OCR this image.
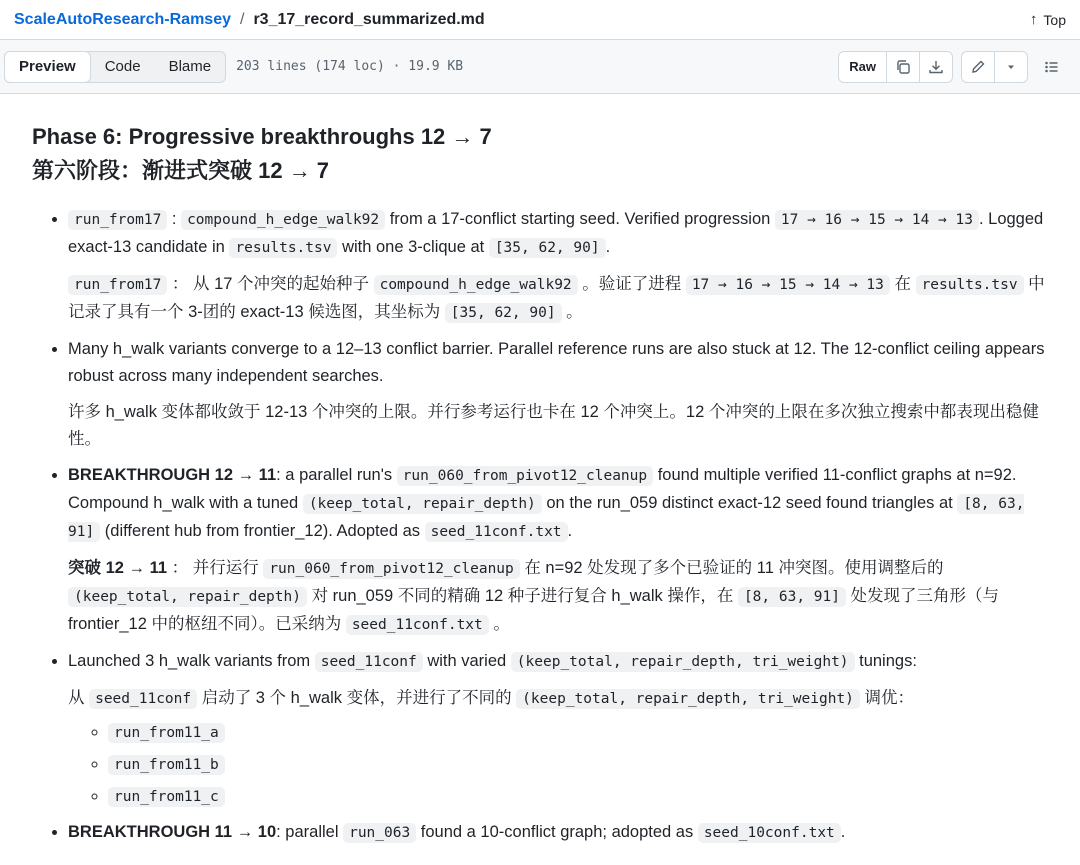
ScaleAutoResearch-Ramsey / r3_17_record_summarized.md	↑ Top
Preview	Code	Blame	203 lines (174 loc) · 19.9 KB	Raw
Phase 6: Progressive breakthroughs 12 → 7
第六阶段：渐进式突破 12 → 7

• run_from17 : compound_h_edge_walk92 from a 17-conflict starting seed. Verified progression 17 → 16 → 15 → 14 → 13 . Logged exact-13 candidate in results.tsv with one 3-clique at [35, 62, 90] .

run_from17 ： 从 17 个冲突的起始种子 compound_h_edge_walk92 。验证了进程 17 → 16 → 15 → 14 → 13 在 results.tsv 中记录了具有一个 3-团的 exact-13 候选图，其坐标为 [35, 62, 90] 。

• Many h_walk variants converge to a 12–13 conflict barrier. Parallel reference runs are also stuck at 12. The 12-conflict ceiling appears robust across many independent searches.

许多 h_walk 变体都收敛于 12-13 个冲突的上限。并行参考运行也卡在 12 个冲突上。12 个冲突的上限在多次独立搜索中都表现出稳健性。

• BREAKTHROUGH 12 → 11: a parallel run's run_060_from_pivot12_cleanup found multiple verified 11-conflict graphs at n=92. Compound h_walk with a tuned (keep_total, repair_depth) on the run_059 distinct exact-12 seed found triangles at [8, 63, 91] (different hub from frontier_12). Adopted as seed_11conf.txt .

突破 12 → 11 ： 并行运行 run_060_from_pivot12_cleanup 在 n=92 处发现了多个已验证的 11 冲突图。使用调整后的 (keep_total, repair_depth) 对 run_059 不同的精确 12 种子进行复合 h_walk 操作，在 [8, 63, 91] 处发现了三角形（与 frontier_12 中的枢纽不同）。已采纳为 seed_11conf.txt 。

• Launched 3 h_walk variants from seed_11conf with varied (keep_total, repair_depth, tri_weight) tunings:

从 seed_11conf 启动了 3 个 h_walk 变体，并进行了不同的 (keep_total, repair_depth, tri_weight) 调优：

◦ run_from11_a
◦ run_from11_b
◦ run_from11_c

• BREAKTHROUGH 11 → 10: parallel run_063 found a 10-conflict graph; adopted as seed_10conf.txt .
